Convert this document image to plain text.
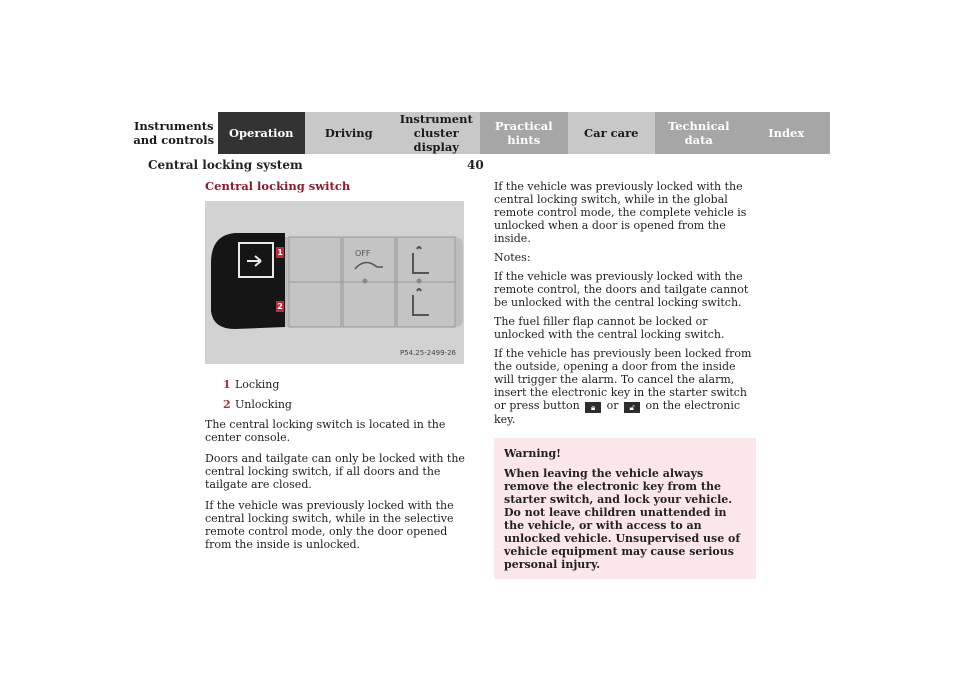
Instruments
and controls	Operation	Driving
Instrument
cluster display
Practical hints	Car care	Technical
data	Index
Central locking system	40
Central locking switch
OFF
1
2
P54.25-2499-26
1 Locking
2 Unlocking

The central locking switch is located in the center console.

Doors and tailgate can only be locked with the central locking switch, if all doors and the tailgate are closed.

If the vehicle was previously locked with the central locking switch, while in the selective remote control mode, only the door opened from the inside is unlocked.

If the vehicle was previously locked with the central locking switch, while in the global remote control mode, the complete vehicle is unlocked when a door is opened from the inside.

Notes:

If the vehicle was previously locked with the remote control, the doors and tailgate cannot be unlocked with the central locking switch.

The fuel filler flap cannot be locked or unlocked with the central locking switch.

If the vehicle has previously been locked from the outside, opening a door from the inside will trigger the alarm. To cancel the alarm, insert the electronic key in the starter switch or press button 🔒︎ or 🔓︎ on the electronic key.

Warning!
When leaving the vehicle always remove the electronic key from the starter switch, and lock your vehicle. Do not leave children unattended in the vehicle, or with access to an unlocked vehicle. Unsupervised use of vehicle equipment may cause serious personal injury.
